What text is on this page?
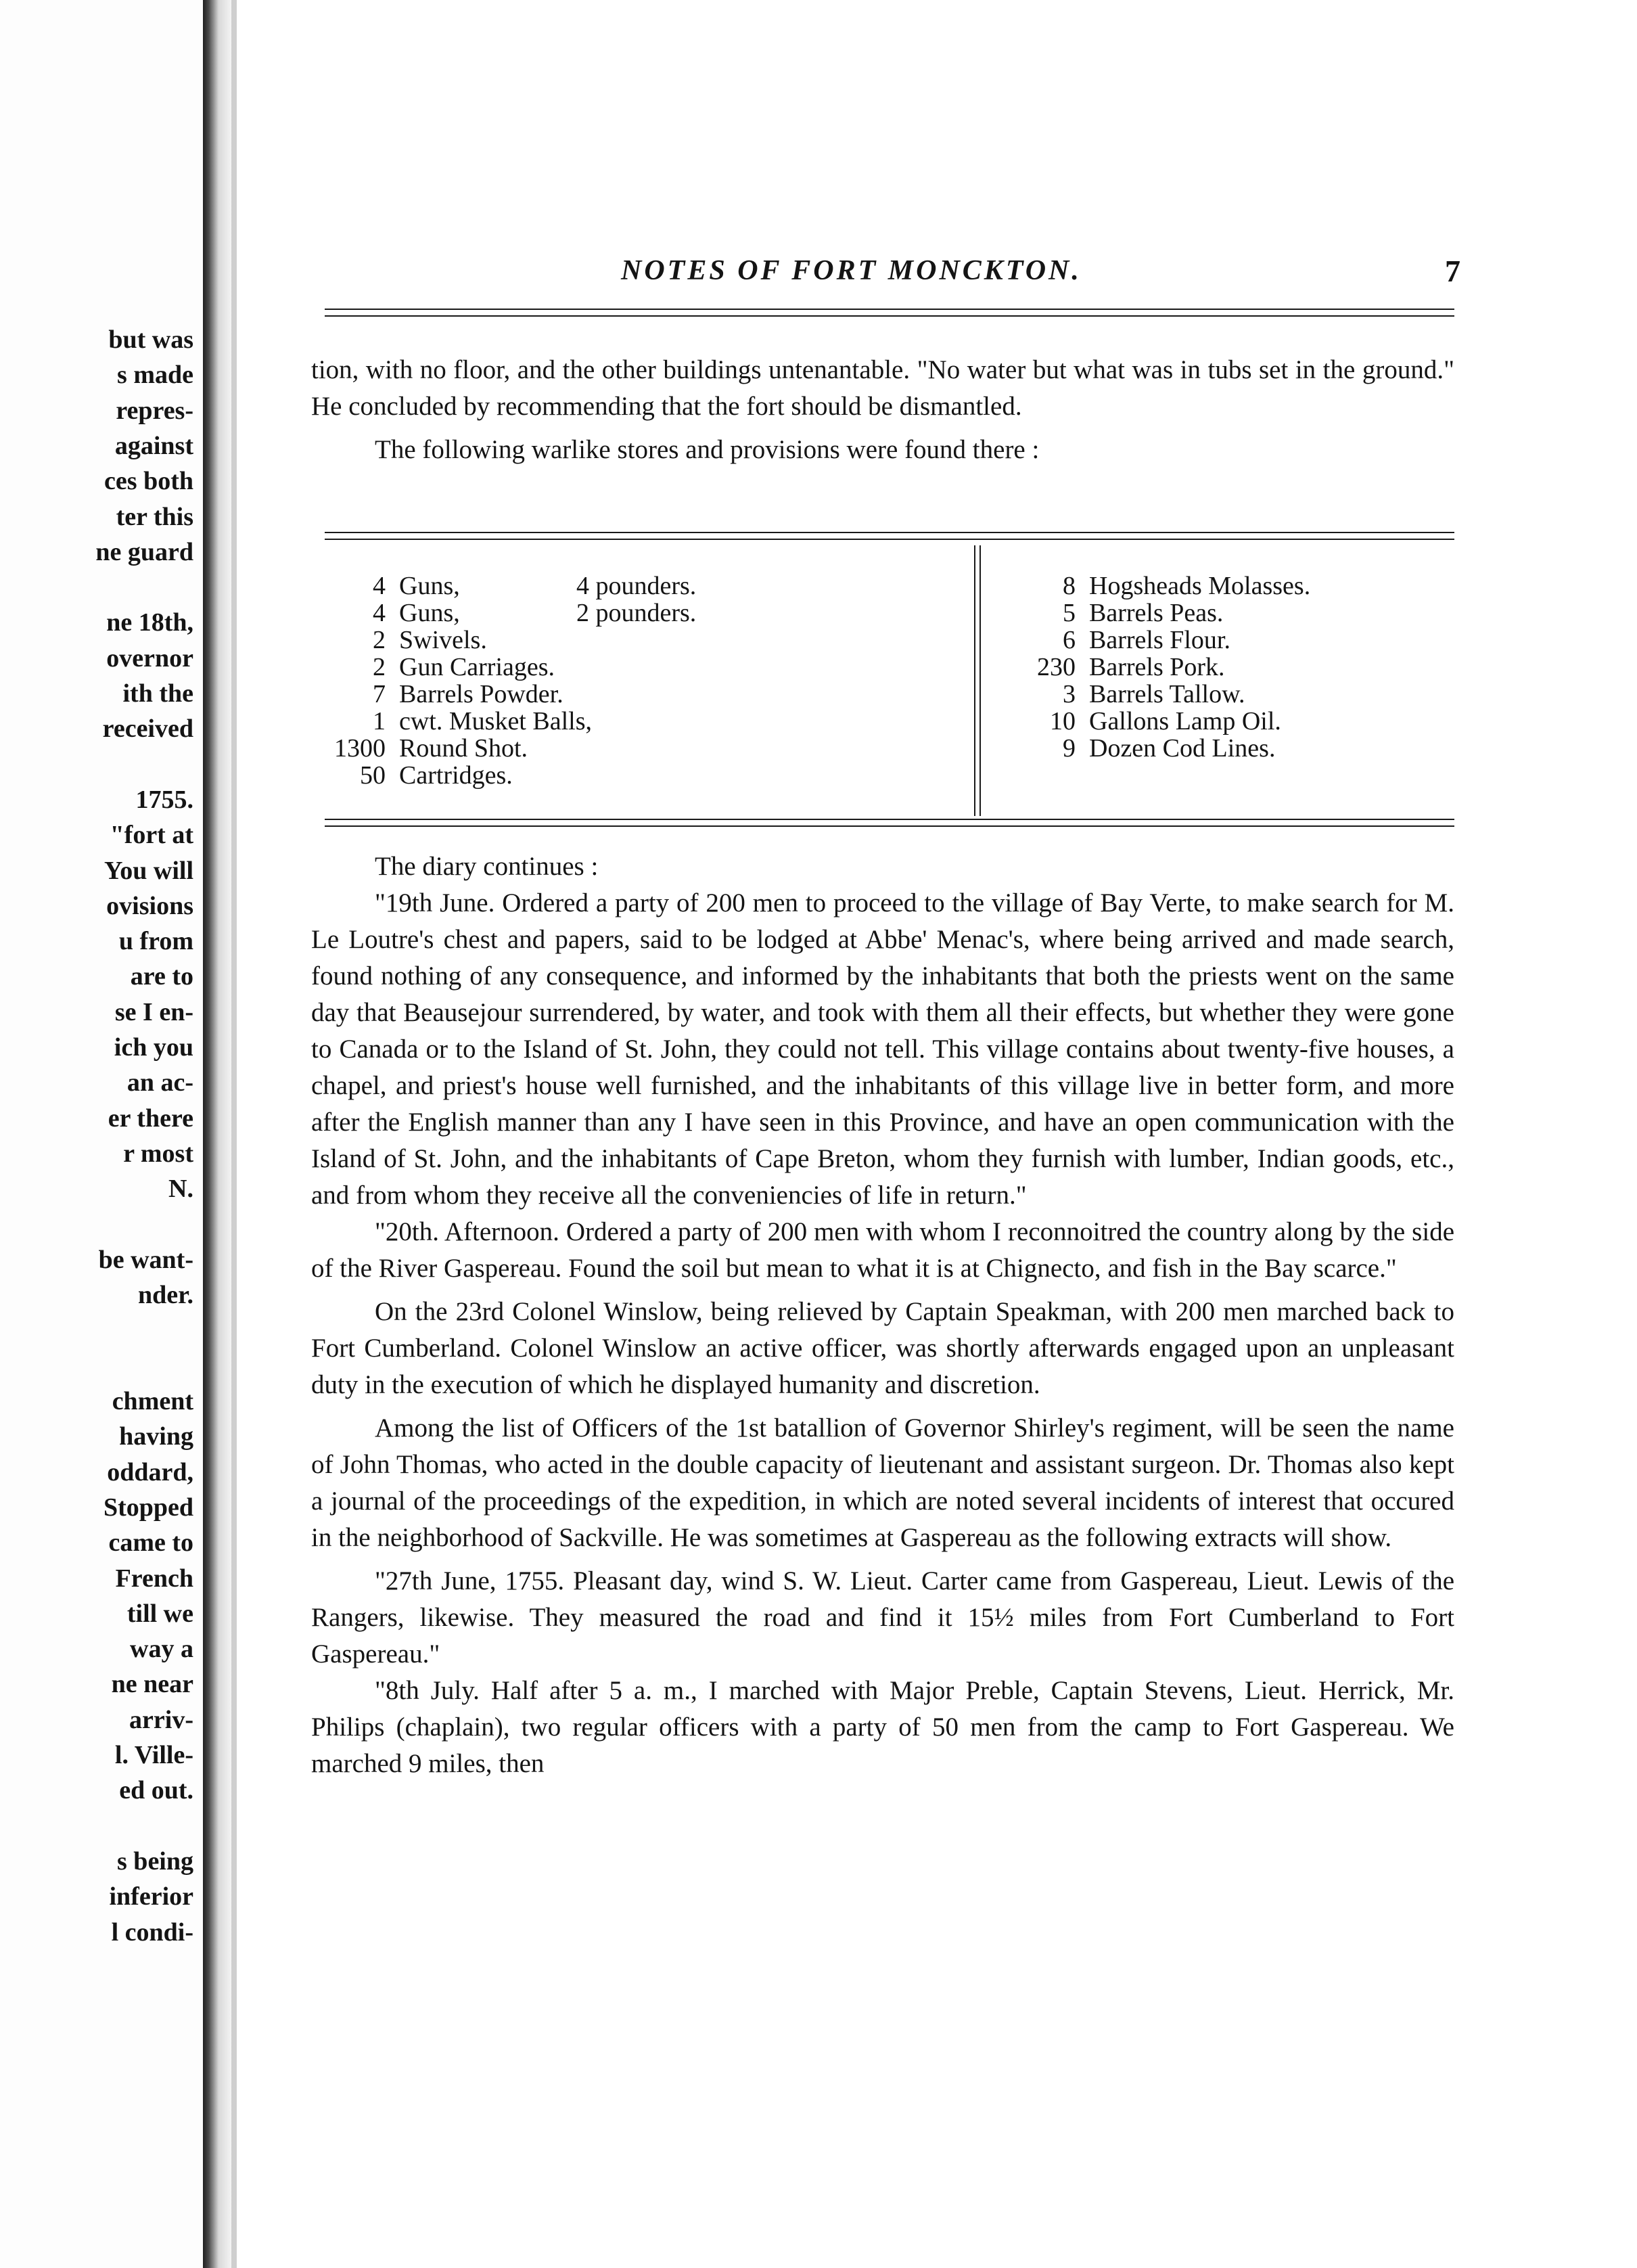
but was
s made
repres-
against
ces both
ter this
ne guard
ne 18th,
overnor
ith the
received
1755.
"fort at
You will
ovisions
u from
are to
se I en-
ich you
an ac-
er there
r most
N.
be want-
nder.
chment
having
oddard,
Stopped
came to
French
till we
way a
ne near
arriv-
l. Ville-
ed out.
s being
inferior
l condi-
NOTES OF FORT MONCKTON.	7

tion, with no floor, and the other buildings untenantable. "No water but what was in tubs set in the ground." He concluded by recommending that the fort should be dismantled.

The following warlike stores and provisions were found there :

4 Guns,	4 pounders.
4 Guns,	2 pounders.
2 Swivels.
2 Gun Carriages.
7 Barrels Powder.
1 cwt. Musket Balls,
1300 Round Shot.
50 Cartridges.
8 Hogsheads Molasses.
5 Barrels Peas.
6 Barrels Flour.
230 Barrels Pork.
3 Barrels Tallow.
10 Gallons Lamp Oil.
9 Dozen Cod Lines.

The diary continues :

"19th June. Ordered a party of 200 men to proceed to the village of Bay Verte, to make search for M. Le Loutre's chest and papers, said to be lodged at Abbe' Menac's, where being arrived and made search, found nothing of any consequence, and informed by the inhabitants that both the priests went on the same day that Beausejour surrendered, by water, and took with them all their effects, but whether they were gone to Canada or to the Island of St. John, they could not tell. This village contains about twenty-five houses, a chapel, and priest's house well furnished, and the inhabitants of this village live in better form, and more after the English manner than any I have seen in this Province, and have an open communication with the Island of St. John, and the inhabitants of Cape Breton, whom they furnish with lumber, Indian goods, etc., and from whom they receive all the conveniencies of life in return."

"20th. Afternoon. Ordered a party of 200 men with whom I reconnoitred the country along by the side of the River Gaspereau. Found the soil but mean to what it is at Chignecto, and fish in the Bay scarce."

On the 23rd Colonel Winslow, being relieved by Captain Speakman, with 200 men marched back to Fort Cumberland. Colonel Winslow an active officer, was shortly afterwards engaged upon an unpleasant duty in the execution of which he displayed humanity and discretion.

Among the list of Officers of the 1st batallion of Governor Shirley's regiment, will be seen the name of John Thomas, who acted in the double capacity of lieutenant and assistant surgeon. Dr. Thomas also kept a journal of the proceedings of the expedition, in which are noted several incidents of interest that occured in the neighborhood of Sackville. He was sometimes at Gaspereau as the following extracts will show.

"27th June, 1755. Pleasant day, wind S. W. Lieut. Carter came from Gaspereau, Lieut. Lewis of the Rangers, likewise. They measured the road and find it 15½ miles from Fort Cumberland to Fort Gaspereau."

"8th July. Half after 5 a. m., I marched with Major Preble, Captain Stevens, Lieut. Herrick, Mr. Philips (chaplain), two regular officers with a party of 50 men from the camp to Fort Gaspereau. We marched 9 miles, then
